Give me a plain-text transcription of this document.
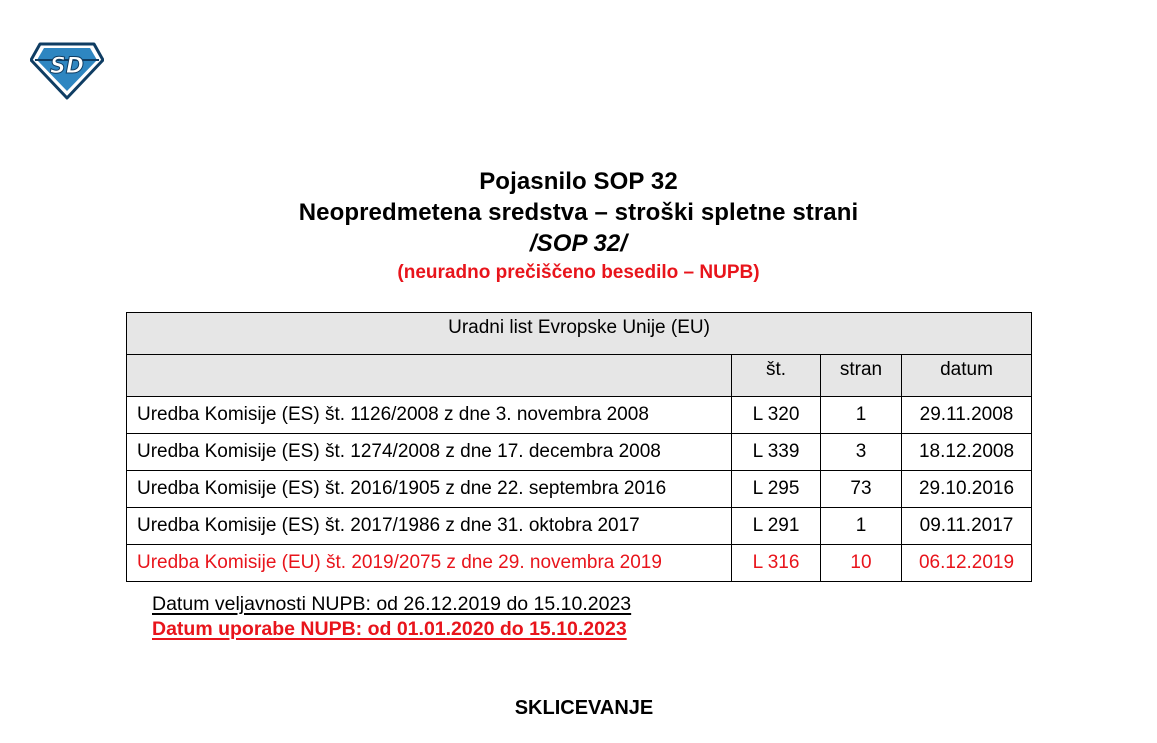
SD
Pojasnilo SOP 32
Neopredmetena sredstva – stroški spletne strani
/SOP 32/
(neuradno prečiščeno besedilo – NUPB)
Uradni list Evropske Unije (EU)			
	št.	stran	datum
Uredba Komisije (ES) št. 1126/2008 z dne 3. novembra 2008	L 320	1	29.11.2008
Uredba Komisije (ES) št. 1274/2008 z dne 17. decembra 2008	L 339	3	18.12.2008
Uredba Komisije (ES) št. 2016/1905 z dne 22. septembra 2016	L 295	73	29.10.2016
Uredba Komisije (ES) št. 2017/1986 z dne 31. oktobra 2017	L 291	1	09.11.2017
Uredba Komisije (EU) št. 2019/2075 z dne 29. novembra 2019	L 316	10	06.12.2019
Datum veljavnosti NUPB: od 26.12.2019 do 15.10.2023
Datum uporabe NUPB: od 01.01.2020 do 15.10.2023
SKLICEVANJE
